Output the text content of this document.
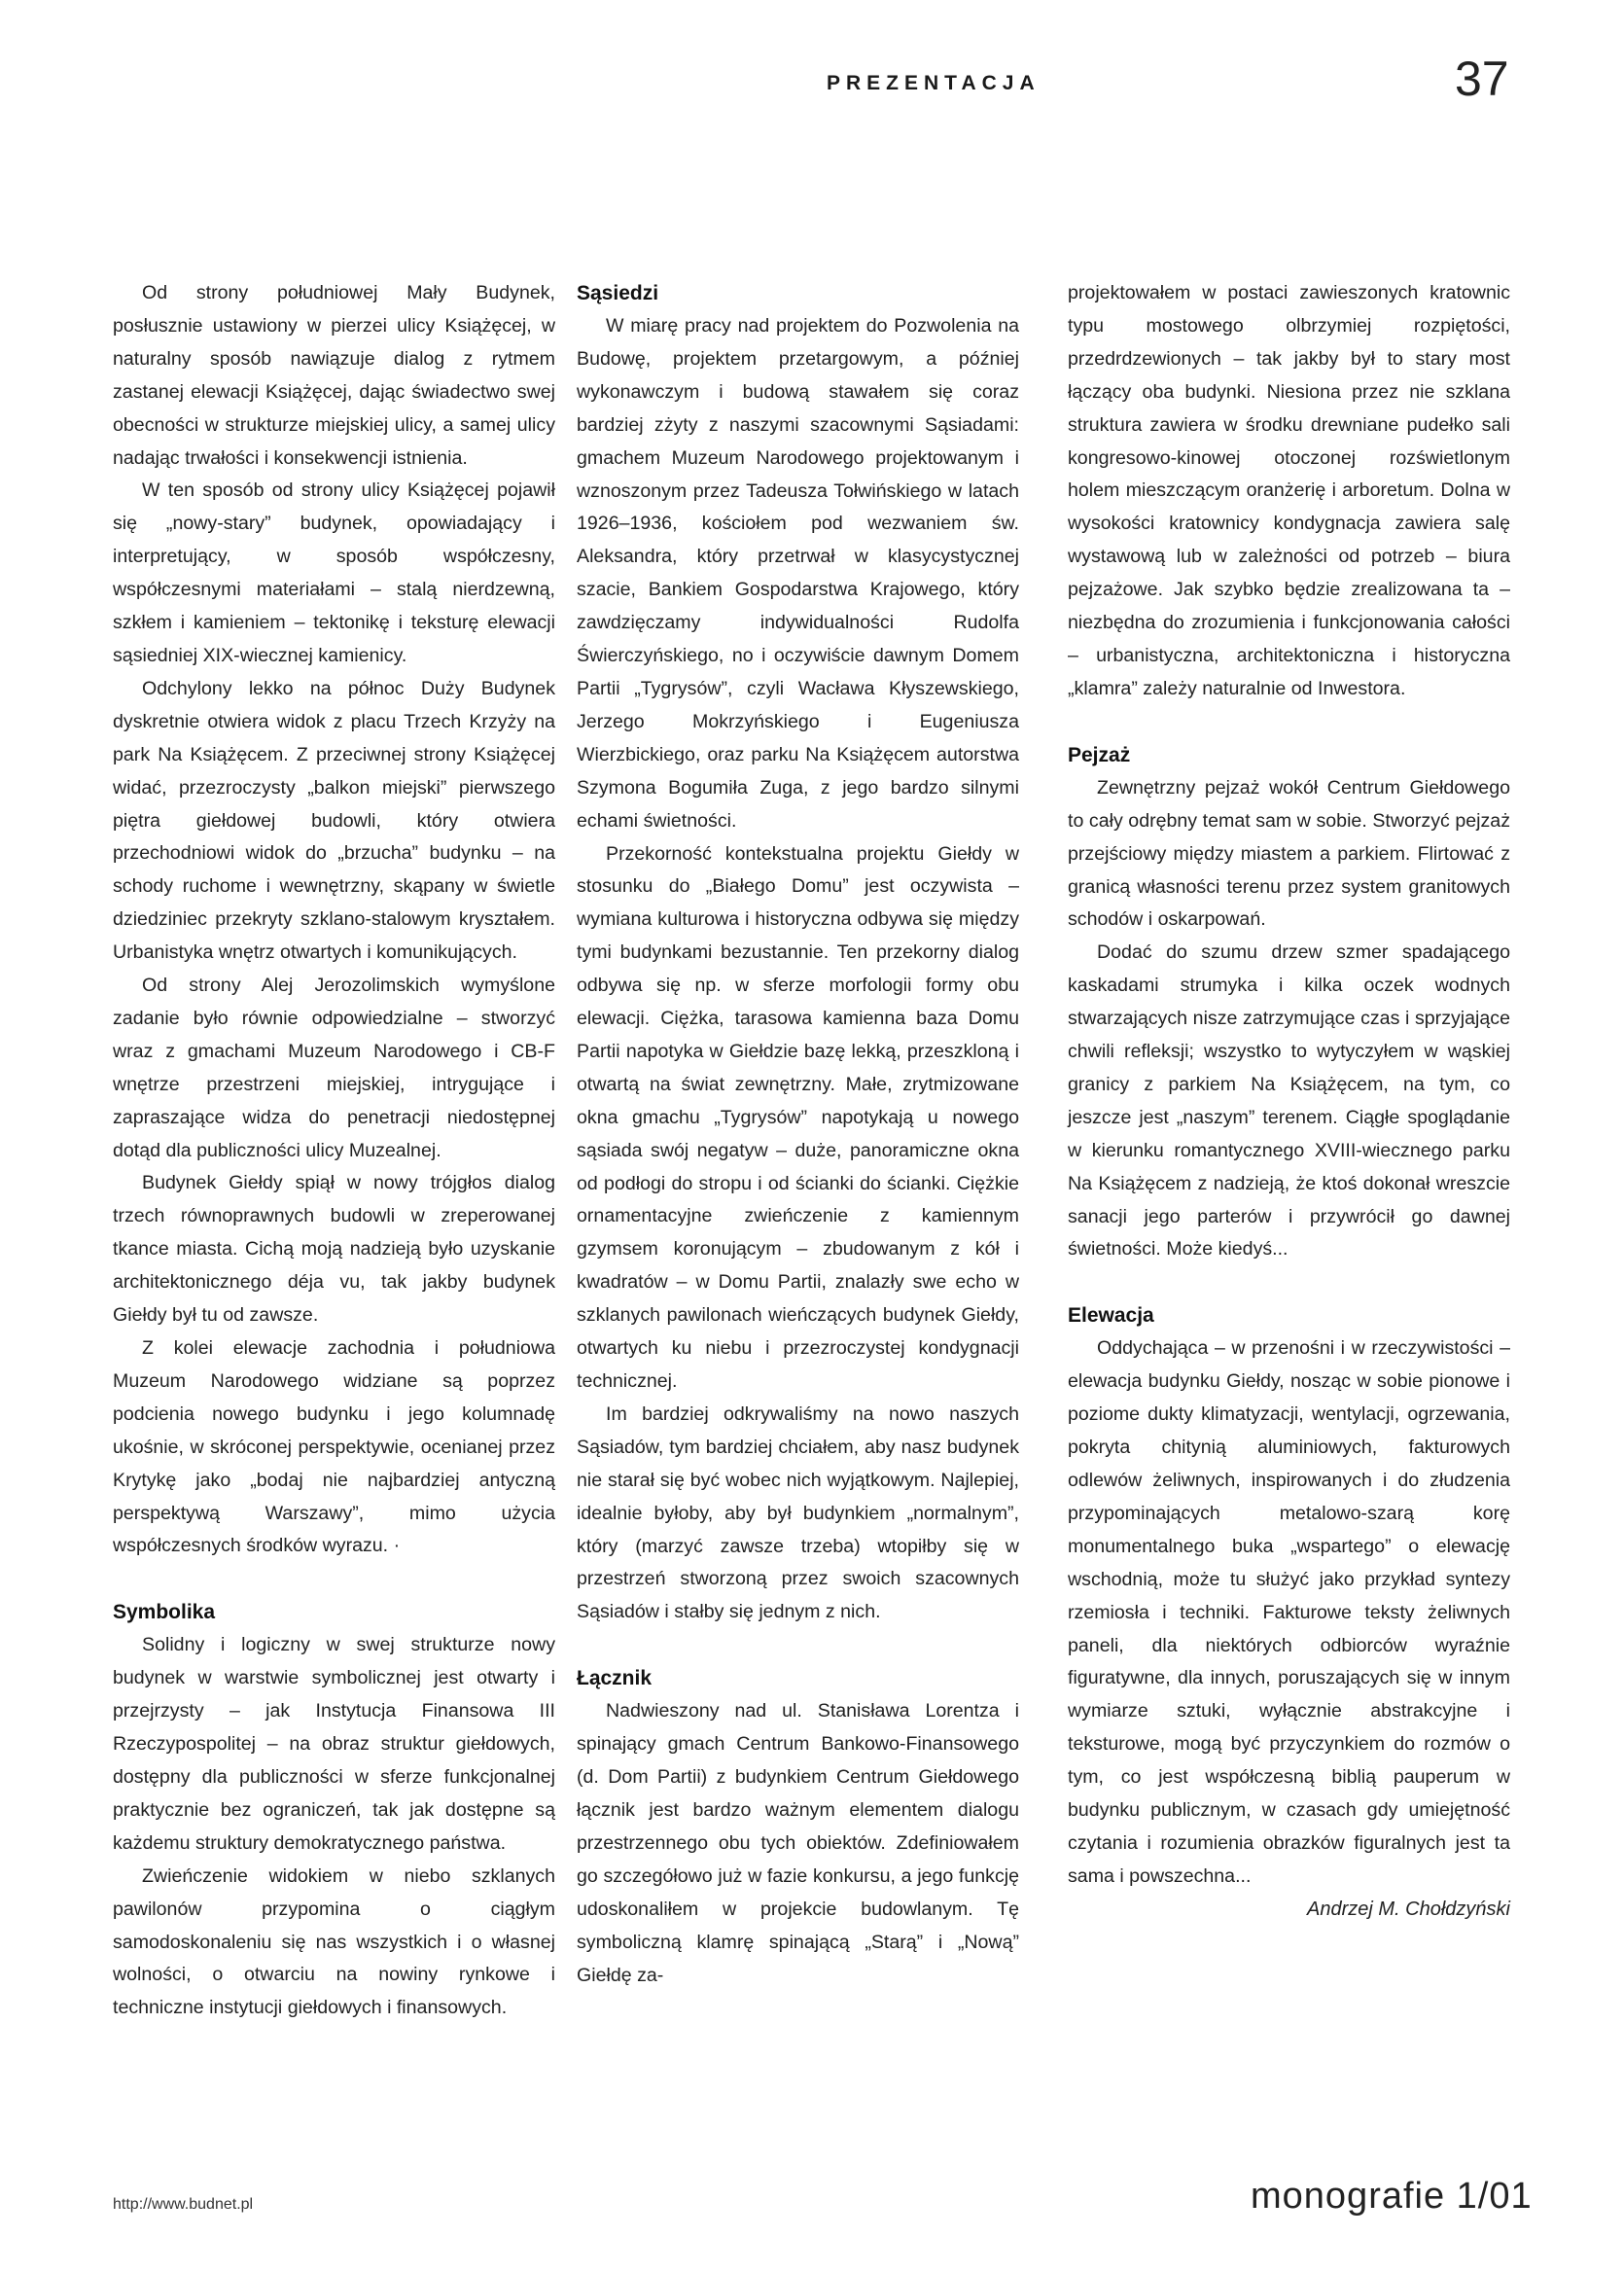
PREZENTACJA	37

Od strony południowej Mały Budynek, posłusznie ustawiony w pierzei ulicy Książęcej, w naturalny sposób nawiązuje dialog z rytmem zastanej elewacji Książęcej, dając świadectwo swej obecności w strukturze miejskiej ulicy, a samej ulicy nadając trwałości i konsekwencji istnienia.

W ten sposób od strony ulicy Książęcej pojawił się „nowy-stary” budynek, opowiadający i interpretujący, w sposób współczesny, współczesnymi materiałami – stalą nierdzewną, szkłem i kamieniem – tektonikę i teksturę elewacji sąsiedniej XIX-wiecznej kamienicy.

Odchylony lekko na północ Duży Budynek dyskretnie otwiera widok z placu Trzech Krzyży na park Na Książęcem. Z przeciwnej strony Książęcej widać, przezroczysty „balkon miejski” pierwszego piętra giełdowej budowli, który otwiera przechodniowi widok do „brzucha” budynku – na schody ruchome i wewnętrzny, skąpany w świetle dziedziniec przekryty szklano-stalowym kryształem. Urbanistyka wnętrz otwartych i komunikujących.

Od strony Alej Jerozolimskich wymyślone zadanie było równie odpowiedzialne – stworzyć wraz z gmachami Muzeum Narodowego i CB-F wnętrze przestrzeni miejskiej, intrygujące i zapraszające widza do penetracji niedostępnej dotąd dla publiczności ulicy Muzealnej.

Budynek Giełdy spiął w nowy trójgłos dialog trzech równoprawnych budowli w zreperowanej tkance miasta. Cichą moją nadzieją było uzyskanie architektonicznego déja vu, tak jakby budynek Giełdy był tu od zawsze.

Z kolei elewacje zachodnia i południowa Muzeum Narodowego widziane są poprzez podcienia nowego budynku i jego kolumnadę ukośnie, w skróconej perspektywie, ocenianej przez Krytykę jako „bodaj nie najbardziej antyczną perspektywą Warszawy”, mimo użycia współczesnych środków wyrazu. ·

Symbolika

Solidny i logiczny w swej strukturze nowy budynek w warstwie symbolicznej jest otwarty i przejrzysty – jak Instytucja Finansowa III Rzeczypospolitej – na obraz struktur giełdowych, dostępny dla publiczności w sferze funkcjonalnej praktycznie bez ograniczeń, tak jak dostępne są każdemu struktury demokratycznego państwa.

Zwieńczenie widokiem w niebo szklanych pawilonów przypomina o ciągłym samodoskonaleniu się nas wszystkich i o własnej wolności, o otwarciu na nowiny rynkowe i techniczne instytucji giełdowych i finansowych.

Sąsiedzi

W miarę pracy nad projektem do Pozwolenia na Budowę, projektem przetargowym, a później wykonawczym i budową stawałem się coraz bardziej zżyty z naszymi szacownymi Sąsiadami: gmachem Muzeum Narodowego projektowanym i wznoszonym przez Tadeusza Tołwińskiego w latach 1926–1936, kościołem pod wezwaniem św. Aleksandra, który przetrwał w klasycystycznej szacie, Bankiem Gospodarstwa Krajowego, który zawdzięczamy indywidualności Rudolfa Świerczyńskiego, no i oczywiście dawnym Domem Partii „Tygrysów”, czyli Wacława Kłyszewskiego, Jerzego Mokrzyńskiego i Eugeniusza Wierzbickiego, oraz parku Na Książęcem autorstwa Szymona Bogumiła Zuga, z jego bardzo silnymi echami świetności.

Przekorność kontekstualna projektu Giełdy w stosunku do „Białego Domu” jest oczywista – wymiana kulturowa i historyczna odbywa się między tymi budynkami bezustannie. Ten przekorny dialog odbywa się np. w sferze morfologii formy obu elewacji. Ciężka, tarasowa kamienna baza Domu Partii napotyka w Giełdzie bazę lekką, przeszkloną i otwartą na świat zewnętrzny. Małe, zrytmizowane okna gmachu „Tygrysów” napotykają u nowego sąsiada swój negatyw – duże, panoramiczne okna od podłogi do stropu i od ścianki do ścianki. Ciężkie ornamentacyjne zwieńczenie z kamiennym gzymsem koronującym – zbudowanym z kół i kwadratów – w Domu Partii, znalazły swe echo w szklanych pawilonach wieńczących budynek Giełdy, otwartych ku niebu i przezroczystej kondygnacji technicznej.

Im bardziej odkrywaliśmy na nowo naszych Sąsiadów, tym bardziej chciałem, aby nasz budynek nie starał się być wobec nich wyjątkowym. Najlepiej, idealnie byłoby, aby był budynkiem „normalnym”, który (marzyć zawsze trzeba) wtopiłby się w przestrzeń stworzoną przez swoich szacownych Sąsiadów i stałby się jednym z nich.

Łącznik

Nadwieszony nad ul. Stanisława Lorentza i spinający gmach Centrum Bankowo-Finansowego (d. Dom Partii) z budynkiem Centrum Giełdowego łącznik jest bardzo ważnym elementem dialogu przestrzennego obu tych obiektów. Zdefiniowałem go szczegółowo już w fazie konkursu, a jego funkcję udoskonaliłem w projekcie budowlanym. Tę symboliczną klamrę spinającą „Starą” i „Nową” Giełdę za-

projektowałem w postaci zawieszonych kratownic typu mostowego olbrzymiej rozpiętości, przedrdzewionych – tak jakby był to stary most łączący oba budynki. Niesiona przez nie szklana struktura zawiera w środku drewniane pudełko sali kongresowo-kinowej otoczonej rozświetlonym holem mieszczącym oranżerię i arboretum. Dolna w wysokości kratownicy kondygnacja zawiera salę wystawową lub w zależności od potrzeb – biura pejzażowe. Jak szybko będzie zrealizowana ta – niezbędna do zrozumienia i funkcjonowania całości – urbanistyczna, architektoniczna i historyczna „klamra” zależy naturalnie od Inwestora.

Pejzaż

Zewnętrzny pejzaż wokół Centrum Giełdowego to cały odrębny temat sam w sobie. Stworzyć pejzaż przejściowy między miastem a parkiem. Flirtować z granicą własności terenu przez system granitowych schodów i oskarpowań.

Dodać do szumu drzew szmer spadającego kaskadami strumyka i kilka oczek wodnych stwarzających nisze zatrzymujące czas i sprzyjające chwili refleksji; wszystko to wytyczyłem w wąskiej granicy z parkiem Na Książęcem, na tym, co jeszcze jest „naszym” terenem. Ciągłe spoglądanie w kierunku romantycznego XVIII-wiecznego parku Na Książęcem z nadzieją, że ktoś dokonał wreszcie sanacji jego parterów i przywrócił go dawnej świetności. Może kiedyś...

Elewacja

Oddychająca – w przenośni i w rzeczywistości – elewacja budynku Giełdy, nosząc w sobie pionowe i poziome dukty klimatyzacji, wentylacji, ogrzewania, pokryta chitynią aluminiowych, fakturowych odlewów żeliwnych, inspirowanych i do złudzenia przypominających metalowo-szarą korę monumentalnego buka „wspartego” o elewację wschodnią, może tu służyć jako przykład syntezy rzemiosła i techniki. Fakturowe teksty żeliwnych paneli, dla niektórych odbiorców wyraźnie figuratywne, dla innych, poruszających się w innym wymiarze sztuki, wyłącznie abstrakcyjne i teksturowe, mogą być przyczynkiem do rozmów o tym, co jest współczesną biblią pauperum w budynku publicznym, w czasach gdy umiejętność czytania i rozumienia obrazków figuralnych jest ta sama i powszechna...

Andrzej M. Chołdzyński

http://www.budnet.pl	monografie 1/01
